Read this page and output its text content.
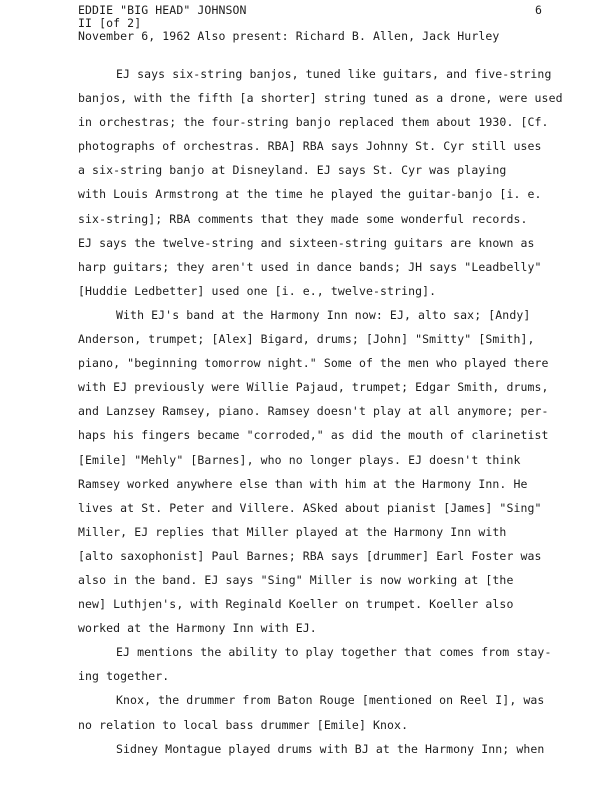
EDDIE "BIG HEAD" JOHNSON
II [of 2]
November 6, 1962 Also present: Richard B. Allen, Jack Hurley
6
EJ says six-string banjos, tuned like guitars, and five-string
banjos, with the fifth [a shorter] string tuned as a drone, were used
in orchestras; the four-string banjo replaced them about 1930. [Cf.
photographs of orchestras. RBA] RBA says Johnny St. Cyr still uses
a six-string banjo at Disneyland. EJ says St. Cyr was playing
with Louis Armstrong at the time he played the guitar-banjo [i. e.
six-string]; RBA comments that they made some wonderful records.
EJ says the twelve-string and sixteen-string guitars are known as
harp guitars; they aren't used in dance bands; JH says "Leadbelly"
[Huddie Ledbetter] used one [i. e., twelve-string].
With EJ's band at the Harmony Inn now: EJ, alto sax; [Andy]
Anderson, trumpet; [Alex] Bigard, drums; [John] "Smitty" [Smith],
piano, "beginning tomorrow night." Some of the men who played there
with EJ previously were Willie Pajaud, trumpet; Edgar Smith, drums,
and Lanzsey Ramsey, piano. Ramsey doesn't play at all anymore; per-
haps his fingers became "corroded," as did the mouth of clarinetist
[Emile] "Mehly" [Barnes], who no longer plays. EJ doesn't think
Ramsey worked anywhere else than with him at the Harmony Inn. He
lives at St. Peter and Villere. ASked about pianist [James] "Sing"
Miller, EJ replies that Miller played at the Harmony Inn with
[alto saxophonist] Paul Barnes; RBA says [drummer] Earl Foster was
also in the band. EJ says "Sing" Miller is now working at [the
new] Luthjen's, with Reginald Koeller on trumpet. Koeller also
worked at the Harmony Inn with EJ.
EJ mentions the ability to play together that comes from stay-
ing together.
Knox, the drummer from Baton Rouge [mentioned on Reel I], was
no relation to local bass drummer [Emile] Knox.
Sidney Montague played drums with BJ at the Harmony Inn; when
